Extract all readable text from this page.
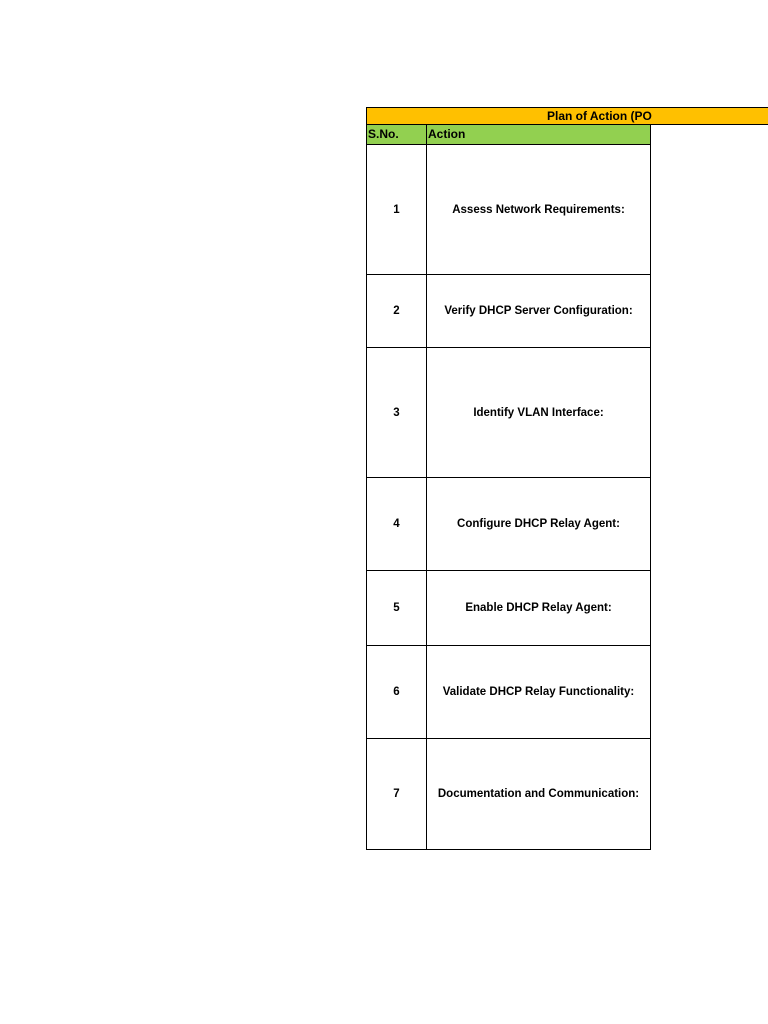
Plan of Action (PO
S.No.	Action
1	Assess Network Requirements:
2	Verify DHCP Server Configuration:
3	Identify VLAN Interface:
4	Configure DHCP Relay Agent:
5	Enable DHCP Relay Agent:
6	Validate DHCP Relay Functionality:
7	Documentation and Communication:
